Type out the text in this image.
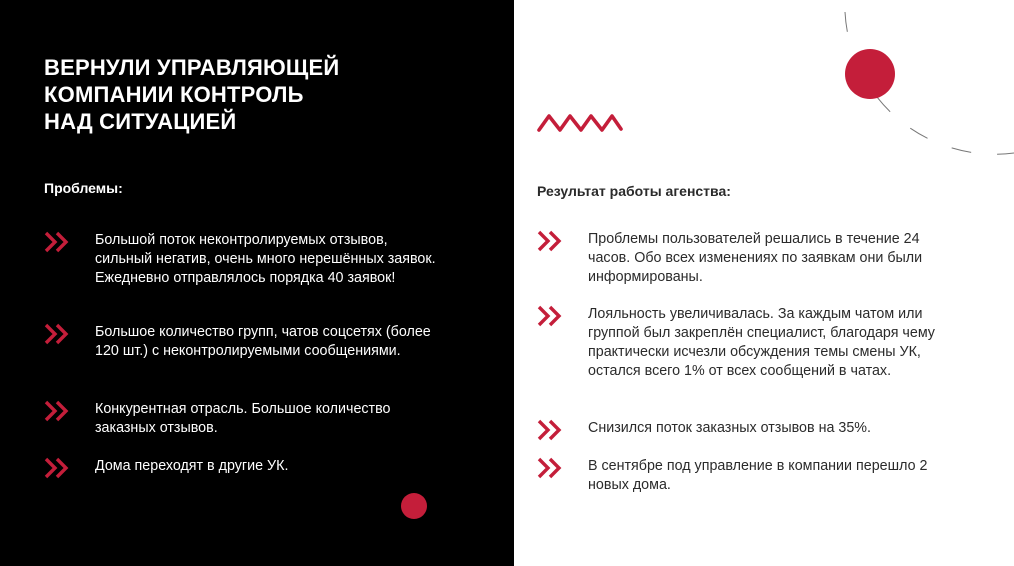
ВЕРНУЛИ УПРАВЛЯЮЩЕЙ
КОМПАНИИ КОНТРОЛЬ
НАД СИТУАЦИЕЙ
Проблемы:
Большой поток неконтролируемых отзывов, сильный негатив, очень много нерешённых заявок. Ежедневно отправлялось порядка 40 заявок!
Большое количество групп, чатов соцсетях (более 120 шт.) с неконтролируемыми сообщениями.
Конкурентная отрасль. Большое количество заказных отзывов.
Дома переходят в другие УК.
Результат работы агенства:
Проблемы пользователей решались в течение 24 часов. Обо всех изменениях по заявкам они были информированы.
Лояльность увеличивалась. За каждым чатом или группой был закреплён специалист, благодаря чему практически исчезли обсуждения темы смены УК, остался всего 1% от всех сообщений в чатах.
Снизился поток заказных отзывов на 35%.
В сентябре под управление в компании перешло 2 новых дома.
